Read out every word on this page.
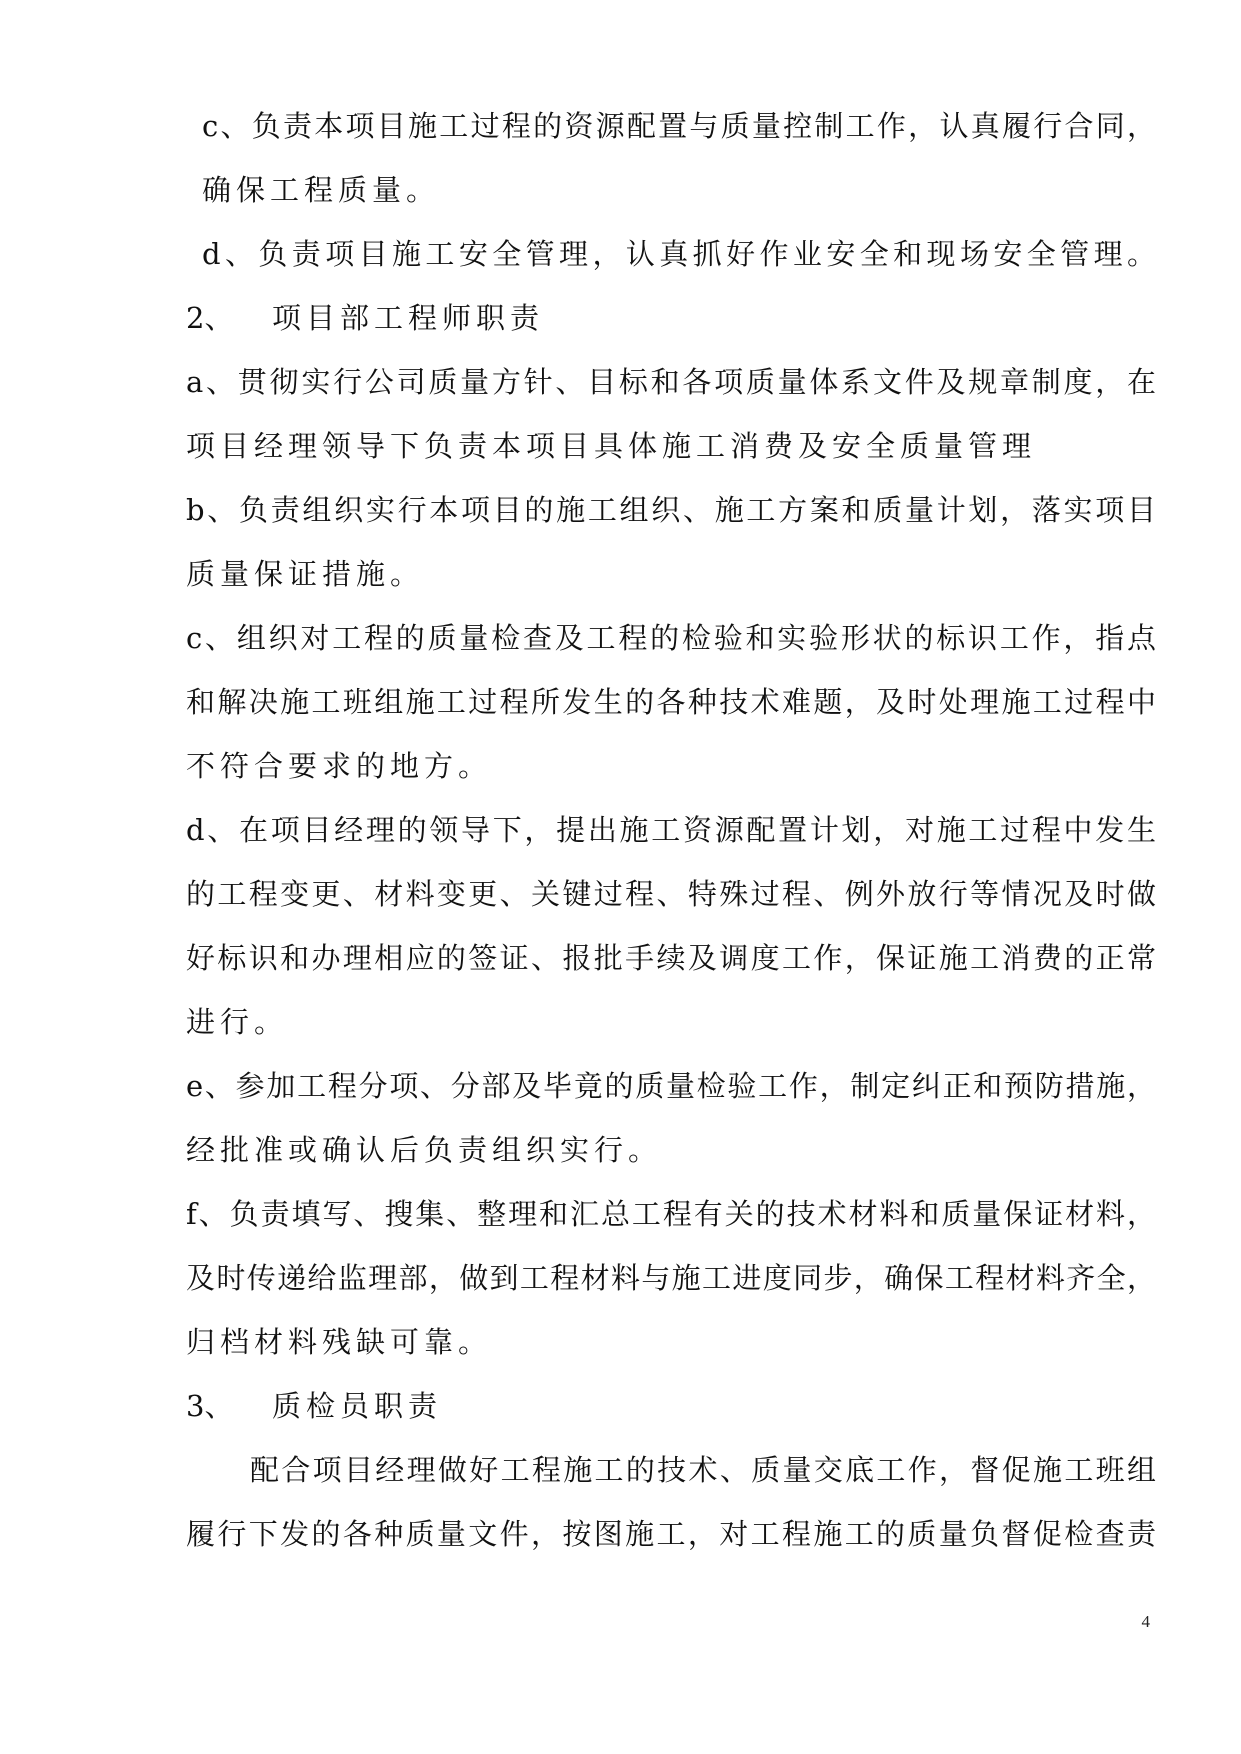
c、负责本项目施工过程的资源配置与质量控制工作，认真履行合同，
确保工程质量。
d、负责项目施工安全管理，认真抓好作业安全和现场安全管理。
2、 项目部工程师职责
a、贯彻实行公司质量方针、目标和各项质量体系文件及规章制度，在
项目经理领导下负责本项目具体施工消费及安全质量管理
b、负责组织实行本项目的施工组织、施工方案和质量计划，落实项目
质量保证措施。
c、组织对工程的质量检查及工程的检验和实验形状的标识工作，指点
和解决施工班组施工过程所发生的各种技术难题，及时处理施工过程中
不符合要求的地方。
d、在项目经理的领导下，提出施工资源配置计划，对施工过程中发生
的工程变更、材料变更、关键过程、特殊过程、例外放行等情况及时做
好标识和办理相应的签证、报批手续及调度工作，保证施工消费的正常
进行。
e、参加工程分项、分部及毕竟的质量检验工作，制定纠正和预防措施，
经批准或确认后负责组织实行。
f、负责填写、搜集、整理和汇总工程有关的技术材料和质量保证材料，
及时传递给监理部，做到工程材料与施工进度同步，确保工程材料齐全，
归档材料残缺可靠。
3、 质检员职责
配合项目经理做好工程施工的技术、质量交底工作，督促施工班组
履行下发的各种质量文件，按图施工，对工程施工的质量负督促检查责
4
